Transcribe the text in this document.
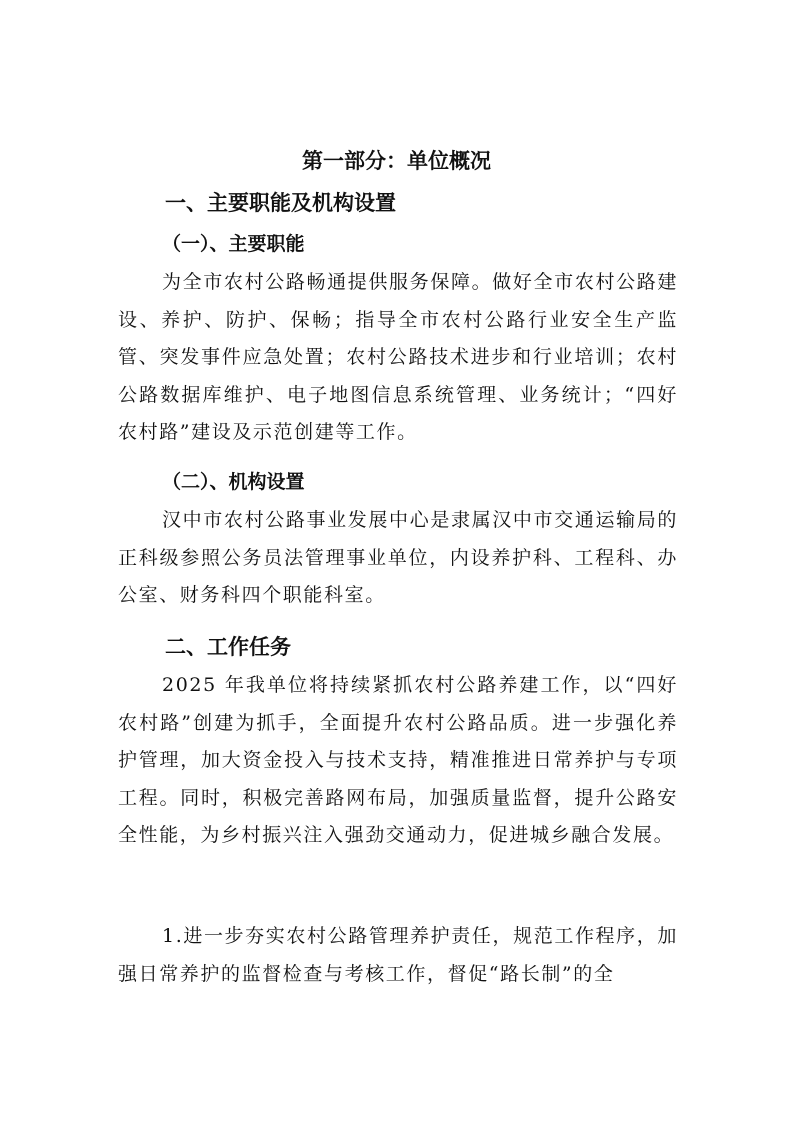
第一部分：单位概况
一、主要职能及机构设置
（一）、主要职能

为全市农村公路畅通提供服务保障。做好全市农村公路建设、养护、防护、保畅；指导全市农村公路行业安全生产监管、突发事件应急处置；农村公路技术进步和行业培训；农村公路数据库维护、电子地图信息系统管理、业务统计；“四好农村路”建设及示范创建等工作。

（二）、机构设置

汉中市农村公路事业发展中心是隶属汉中市交通运输局的正科级参照公务员法管理事业单位，内设养护科、工程科、办公室、财务科四个职能科室。

二、工作任务

2025 年我单位将持续紧抓农村公路养建工作，以“四好农村路”创建为抓手，全面提升农村公路品质。进一步强化养护管理，加大资金投入与技术支持，精准推进日常养护与专项工程。同时，积极完善路网布局，加强质量监督，提升公路安全性能，为乡村振兴注入强劲交通动力，促进城乡融合发展。

1.进一步夯实农村公路管理养护责任，规范工作程序，加强日常养护的监督检查与考核工作，督促“路长制”的全
